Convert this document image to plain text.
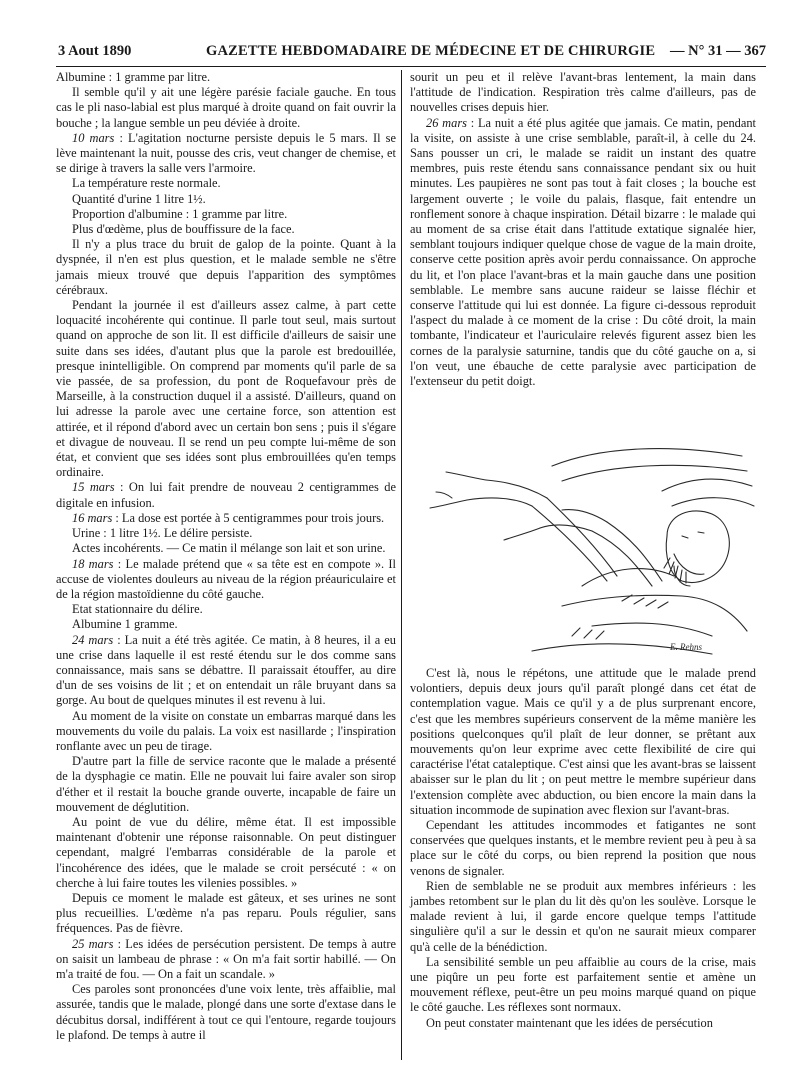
3 Aout 1890	GAZETTE HEBDOMADAIRE DE MÉDECINE ET DE CHIRURGIE — N° 31 — 367

Albumine : 1 gramme par litre.

Il semble qu'il y ait une légère parésie faciale gauche. En tous cas le pli naso-labial est plus marqué à droite quand on fait ouvrir la bouche ; la langue semble un peu déviée à droite.

10 mars : L'agitation nocturne persiste depuis le 5 mars. Il se lève maintenant la nuit, pousse des cris, veut changer de chemise, et se dirige à travers la salle vers l'armoire.

La température reste normale.

Quantité d'urine 1 litre 1½.

Proportion d'albumine : 1 gramme par litre.

Plus d'œdème, plus de bouffissure de la face.

Il n'y a plus trace du bruit de galop de la pointe. Quant à la dyspnée, il n'en est plus question, et le malade semble ne s'être jamais mieux trouvé que depuis l'apparition des symptômes cérébraux.

Pendant la journée il est d'ailleurs assez calme, à part cette loquacité incohérente qui continue. Il parle tout seul, mais surtout quand on approche de son lit. Il est difficile d'ailleurs de saisir une suite dans ses idées, d'autant plus que la parole est bredouillée, presque inintelligible. On comprend par moments qu'il parle de sa vie passée, de sa profession, du pont de Roquefavour près de Marseille, à la construction duquel il a assisté. D'ailleurs, quand on lui adresse la parole avec une certaine force, son attention est attirée, et il répond d'abord avec un certain bon sens ; puis il s'égare et divague de nouveau. Il se rend un peu compte lui-même de son état, et convient que ses idées sont plus embrouillées qu'en temps ordinaire.

15 mars : On lui fait prendre de nouveau 2 centigrammes de digitale en infusion.

16 mars : La dose est portée à 5 centigrammes pour trois jours.

Urine : 1 litre 1½. Le délire persiste.

Actes incohérents. — Ce matin il mélange son lait et son urine.

18 mars : Le malade prétend que « sa tête est en compote ». Il accuse de violentes douleurs au niveau de la région préauriculaire et de la région mastoïdienne du côté gauche.

Etat stationnaire du délire.

Albumine 1 gramme.

24 mars : La nuit a été très agitée. Ce matin, à 8 heures, il a eu une crise dans laquelle il est resté étendu sur le dos comme sans connaissance, mais sans se débattre. Il paraissait étouffer, au dire d'un de ses voisins de lit ; et on entendait un râle bruyant dans sa gorge. Au bout de quelques minutes il est revenu à lui.

Au moment de la visite on constate un embarras marqué dans les mouvements du voile du palais. La voix est nasillarde ; l'inspiration ronflante avec un peu de tirage.

D'autre part la fille de service raconte que le malade a présenté de la dysphagie ce matin. Elle ne pouvait lui faire avaler son sirop d'éther et il restait la bouche grande ouverte, incapable de faire un mouvement de déglutition.

Au point de vue du délire, même état. Il est impossible maintenant d'obtenir une réponse raisonnable. On peut distinguer cependant, malgré l'embarras considérable de la parole et l'incohérence des idées, que le malade se croit persécuté : « on cherche à lui faire toutes les vilenies possibles. »

Depuis ce moment le malade est gâteux, et ses urines ne sont plus recueillies. L'œdème n'a pas reparu. Pouls régulier, sans fréquences. Pas de fièvre.

25 mars : Les idées de persécution persistent. De temps à autre on saisit un lambeau de phrase : « On m'a fait sortir habillé. — On m'a traité de fou. — On a fait un scandale. »

Ces paroles sont prononcées d'une voix lente, très affaiblie, mal assurée, tandis que le malade, plongé dans une sorte d'extase dans le décubitus dorsal, indifférent à tout ce qui l'entoure, regarde toujours le plafond. De temps à autre il

sourit un peu et il relève l'avant-bras lentement, la main dans l'attitude de l'indication. Respiration très calme d'ailleurs, pas de nouvelles crises depuis hier.

26 mars : La nuit a été plus agitée que jamais. Ce matin, pendant la visite, on assiste à une crise semblable, paraît-il, à celle du 24. Sans pousser un cri, le malade se raidit un instant des quatre membres, puis reste étendu sans connaissance pendant six ou huit minutes. Les paupières ne sont pas tout à fait closes ; la bouche est largement ouverte ; le voile du palais, flasque, fait entendre un ronflement sonore à chaque inspiration. Détail bizarre : le malade qui au moment de sa crise était dans l'attitude extatique signalée hier, semblant toujours indiquer quelque chose de vague de la main droite, conserve cette position après avoir perdu connaissance. On approche du lit, et l'on place l'avant-bras et la main gauche dans une position semblable. Le membre sans aucune raideur se laisse fléchir et conserve l'attitude qui lui est donnée. La figure ci-dessous reproduit l'aspect du malade à ce moment de la crise : Du côté droit, la main tombante, l'indicateur et l'auriculaire relevés figurent assez bien les cornes de la paralysie saturnine, tandis que du côté gauche on a, si l'on veut, une ébauche de cette paralysie avec participation de l'extenseur du petit doigt.

E. Rehns

C'est là, nous le répétons, une attitude que le malade prend volontiers, depuis deux jours qu'il paraît plongé dans cet état de contemplation vague. Mais ce qu'il y a de plus surprenant encore, c'est que les membres supérieurs conservent de la même manière les positions quelconques qu'il plaît de leur donner, se prêtant aux mouvements qu'on leur exprime avec cette flexibilité de cire qui caractérise l'état cataleptique. C'est ainsi que les avant-bras se laissent abaisser sur le plan du lit ; on peut mettre le membre supérieur dans l'extension complète avec abduction, ou bien encore la main dans la situation incommode de supination avec flexion sur l'avant-bras.

Cependant les attitudes incommodes et fatigantes ne sont conservées que quelques instants, et le membre revient peu à peu à sa place sur le côté du corps, ou bien reprend la position que nous venons de signaler.

Rien de semblable ne se produit aux membres inférieurs : les jambes retombent sur le plan du lit dès qu'on les soulève. Lorsque le malade revient à lui, il garde encore quelque temps l'attitude singulière qu'il a sur le dessin et qu'on ne saurait mieux comparer qu'à celle de la bénédiction.

La sensibilité semble un peu affaiblie au cours de la crise, mais une piqûre un peu forte est parfaitement sentie et amène un mouvement réflexe, peut-être un peu moins marqué quand on pique le côté gauche. Les réflexes sont normaux.

On peut constater maintenant que les idées de persécution
